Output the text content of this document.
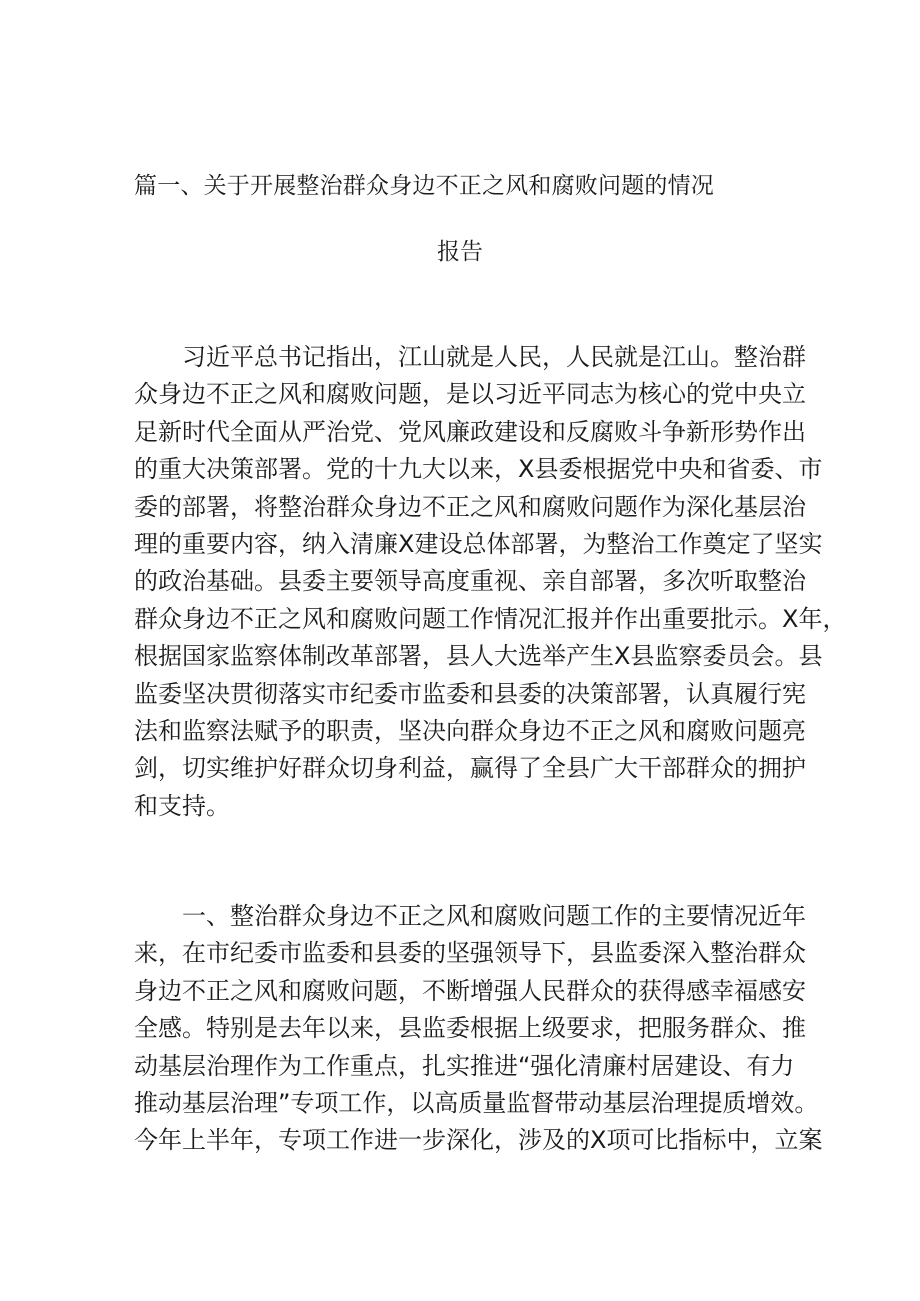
篇一、关于开展整治群众身边不正之风和腐败问题的情况
报告
　　习近平总书记指出，江山就是人民，人民就是江山。整治群
众身边不正之风和腐败问题，是以习近平同志为核心的党中央立
足新时代全面从严治党、党风廉政建设和反腐败斗争新形势作出
的重大决策部署。党的十九大以来，X县委根据党中央和省委、市
委的部署，将整治群众身边不正之风和腐败问题作为深化基层治
理的重要内容，纳入清廉X建设总体部署，为整治工作奠定了坚实
的政治基础。县委主要领导高度重视、亲自部署，多次听取整治
群众身边不正之风和腐败问题工作情况汇报并作出重要批示。X年，
根据国家监察体制改革部署，县人大选举产生X县监察委员会。县
监委坚决贯彻落实市纪委市监委和县委的决策部署，认真履行宪
法和监察法赋予的职责，坚决向群众身边不正之风和腐败问题亮
剑，切实维护好群众切身利益，赢得了全县广大干部群众的拥护
和支持。
　　一、整治群众身边不正之风和腐败问题工作的主要情况近年
来，在市纪委市监委和县委的坚强领导下，县监委深入整治群众
身边不正之风和腐败问题，不断增强人民群众的获得感幸福感安
全感。特别是去年以来，县监委根据上级要求，把服务群众、推
动基层治理作为工作重点，扎实推进“强化清廉村居建设、有力
推动基层治理”专项工作，以高质量监督带动基层治理提质增效。
今年上半年，专项工作进一步深化，涉及的X项可比指标中，立案
